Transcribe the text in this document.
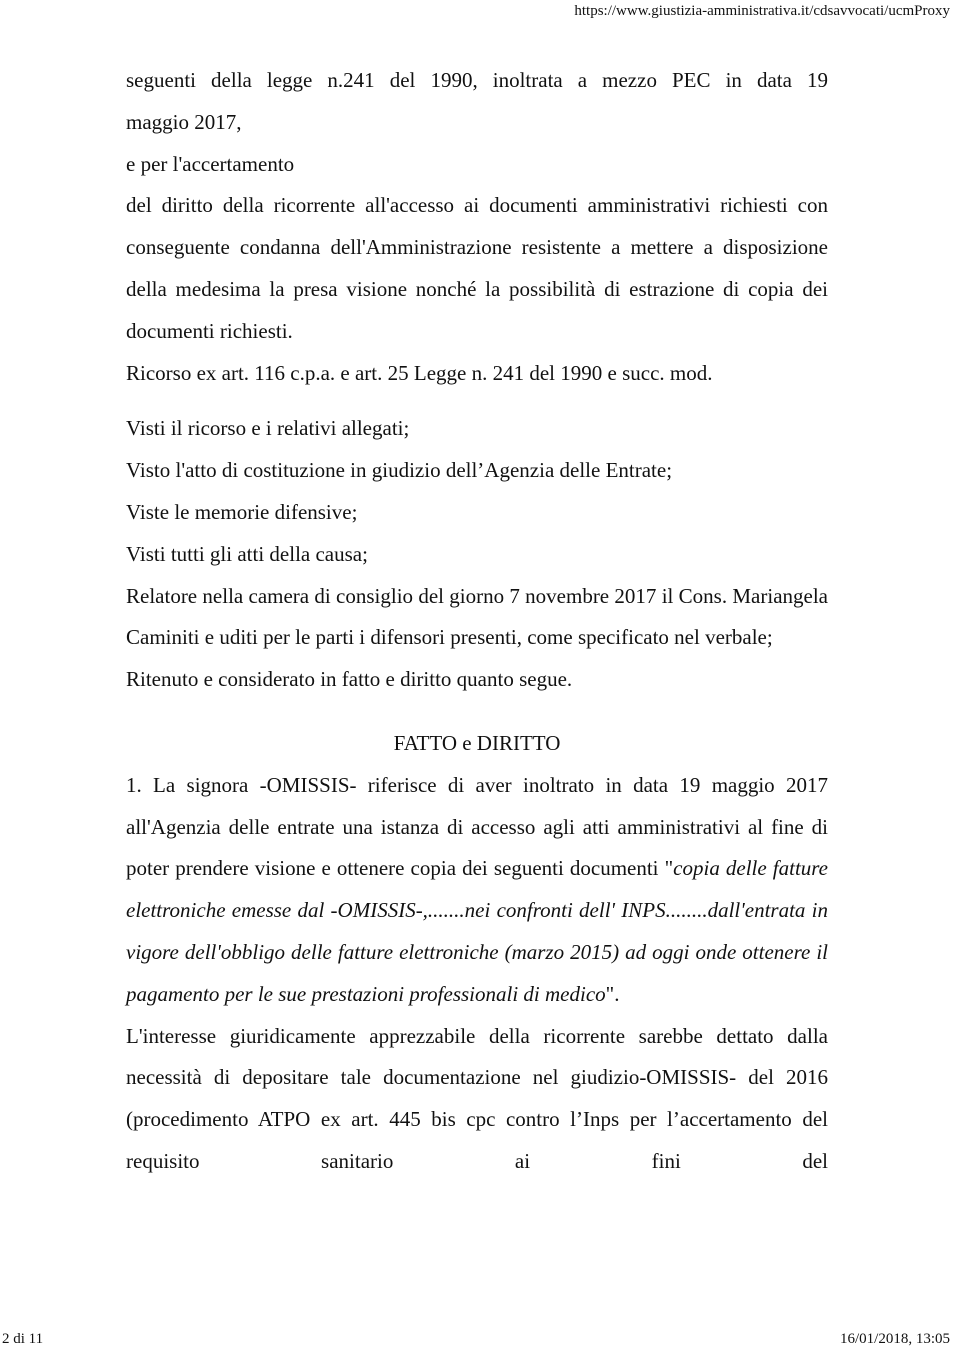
https://www.giustizia-amministrativa.it/cdsavvocati/ucmProxy

seguenti della legge n.241 del 1990, inoltrata a mezzo PEC in data 19

maggio 2017,

e per l'accertamento

del diritto della ricorrente all'accesso ai documenti amministrativi richiesti con conseguente condanna dell'Amministrazione resistente a mettere a disposizione della medesima la presa visione nonché la possibilità di estrazione di copia dei documenti richiesti.

Ricorso ex art. 116 c.p.a. e art. 25 Legge n. 241 del 1990 e succ. mod.

Visti il ricorso e i relativi allegati;

Visto l'atto di costituzione in giudizio dell’Agenzia delle Entrate;

Viste le memorie difensive;

Visti tutti gli atti della causa;

Relatore nella camera di consiglio del giorno 7 novembre 2017 il Cons. Mariangela Caminiti e uditi per le parti i difensori presenti, come specificato nel verbale;

Ritenuto e considerato in fatto e diritto quanto segue.

FATTO e DIRITTO

1. La signora -OMISSIS- riferisce di aver inoltrato in data 19 maggio 2017 all'Agenzia delle entrate una istanza di accesso agli atti amministrativi al fine di poter prendere visione e ottenere copia dei seguenti documenti "copia delle fatture elettroniche emesse dal -OMISSIS-,.......nei confronti dell' INPS........dall'entrata in vigore dell'obbligo delle fatture elettroniche (marzo 2015) ad oggi onde ottenere il pagamento per le sue prestazioni professionali di medico".

L'interesse giuridicamente apprezzabile della ricorrente sarebbe dettato dalla necessità di depositare tale documentazione nel giudizio-OMISSIS- del 2016 (procedimento ATPO ex art. 445 bis cpc contro l’Inps per l’accertamento del requisito sanitario ai fini del

2 di 11	16/01/2018, 13:05
